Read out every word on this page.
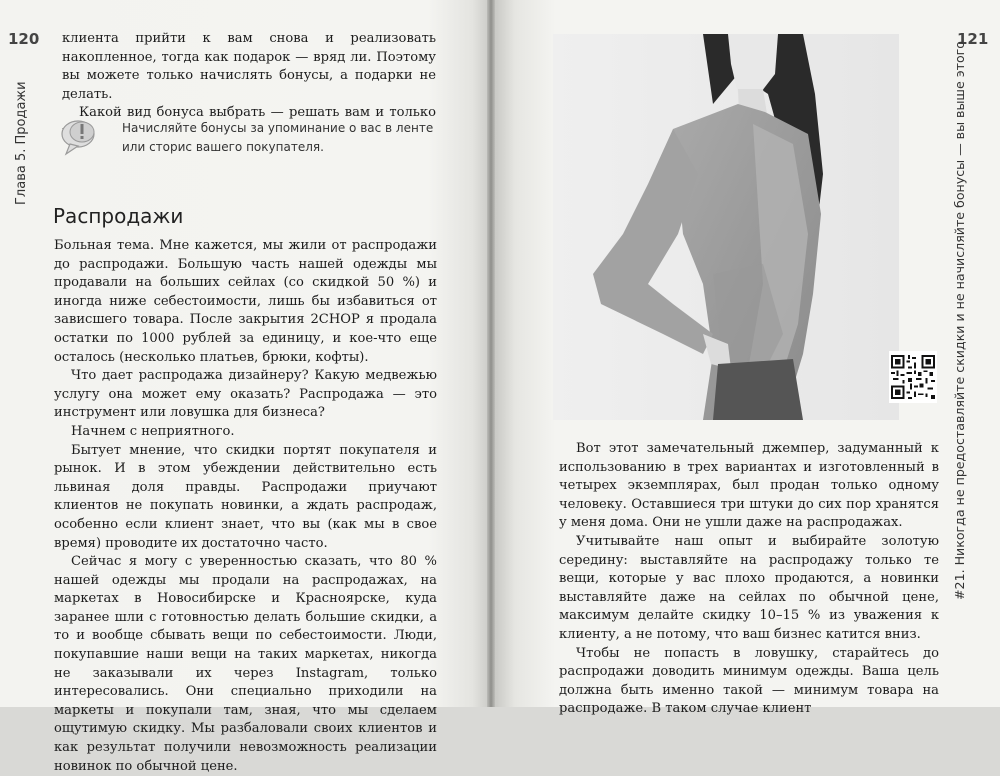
120
Глава 5. Продажи

клиента прийти к вам снова и реализовать накопленное, тогда как подарок — вряд ли. Поэтому вы можете только начислять бонусы, а подарки не делать.

Какой вид бонуса выбрать — решать вам и только

Начисляйте бонусы за упоминание о вас в ленте или сторис вашего покупателя.
Распродажи

Больная тема. Мне кажется, мы жили от распродажи до распродажи. Большую часть нашей одежды мы продавали на больших сейлах (со скидкой 50 %) и иногда ниже себестоимости, лишь бы избавиться от зависшего товара. После закрытия 2CHOP я продала остатки по 1000 рублей за единицу, и кое-что еще осталось (несколько платьев, брюки, кофты).

Что дает распродажа дизайнеру? Какую медвежью услугу она может ему оказать? Распродажа — это инструмент или ловушка для бизнеса?

Начнем с неприятного.

Бытует мнение, что скидки портят покупателя и рынок. И в этом убеждении действительно есть львиная доля правды. Распродажи приучают клиентов не покупать новинки, а ждать распродаж, особенно если клиент знает, что вы (как мы в свое время) проводите их достаточно часто.

Сейчас я могу с уверенностью сказать, что 80 % нашей одежды мы продали на распродажах, на маркетах в Новосибирске и Красноярске, куда заранее шли с готовностью делать большие скидки, а то и вообще сбывать вещи по себестоимости. Люди, покупавшие наши вещи на таких маркетах, никогда не заказывали их через Instagram, только интересовались. Они специально приходили на маркеты и покупали там, зная, что мы сделаем ощутимую скидку. Мы разбаловали своих клиентов и как результат получили невозможность реализации новинок по обычной цене.

121
#21. Никогда не предоставляйте скидки и не начисляйте бонусы — вы выше этого

Вот этот замечательный джемпер, задуманный к использованию в трех вариантах и изготовленный в четырех экземплярах, был продан только одному человеку. Оставшиеся три штуки до сих пор хранятся у меня дома. Они не ушли даже на распродажах.

Учитывайте наш опыт и выбирайте золотую середину: выставляйте на распродажу только те вещи, которые у вас плохо продаются, а новинки выставляйте даже на сейлах по обычной цене, максимум делайте скидку 10–15 % из уважения к клиенту, а не потому, что ваш бизнес катится вниз.

Чтобы не попасть в ловушку, старайтесь до распродажи доводить минимум одежды. Ваша цель должна быть именно такой — минимум товара на распродаже. В таком случае клиент
